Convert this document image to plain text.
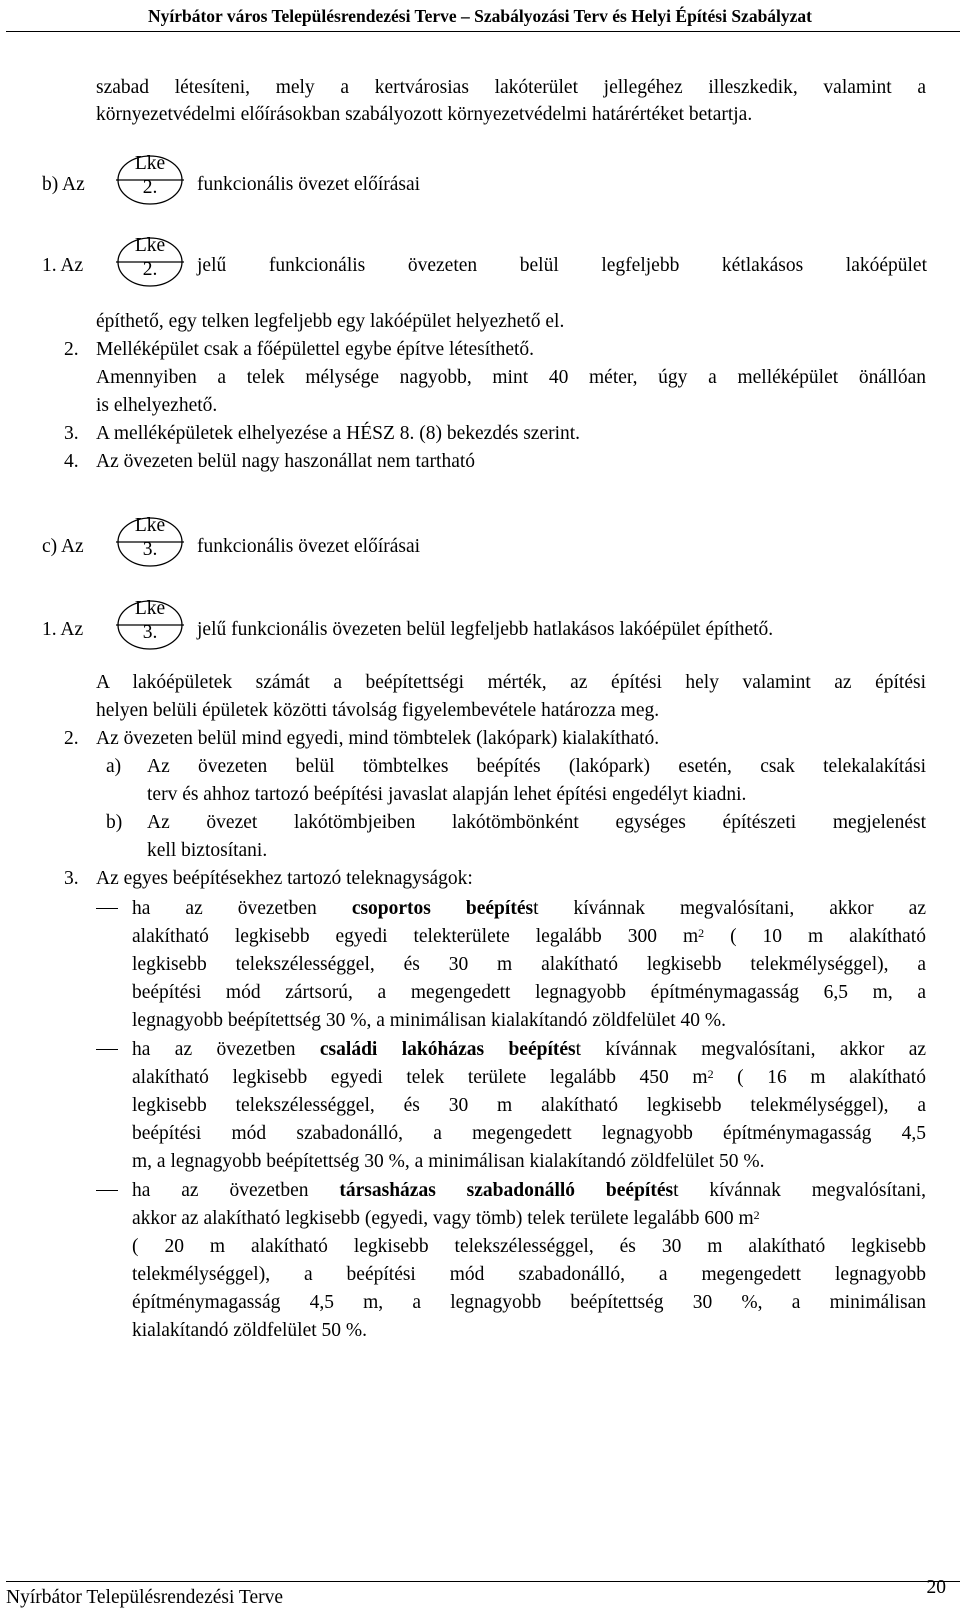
Nyírbátor város Településrendezési Terve – Szabályozási Terv és Helyi Építési Szabályzat
szabad létesíteni, mely a kertvárosias lakóterület jellegéhez illeszkedik, valamint a
környezetvédelmi előírásokban szabályozott környezetvédelmi határértéket betartja.
b) Az
Lke
2.	funkcionális övezet előírásai
1. Az
Lke
2.	jelű funkcionális övezeten belül legfeljebb kétlakásos lakóépület
építhető, egy telken legfeljebb egy lakóépület helyezhető el.
2. Melléképület csak a főépülettel egybe építve létesíthető.
Amennyiben a telek mélysége nagyobb, mint 40 méter, úgy a melléképület önállóan
is elhelyezhető.
3. A melléképületek elhelyezése a HÉSZ 8. (8) bekezdés szerint.
4. Az övezeten belül nagy haszonállat nem tartható
c) Az
Lke
3.	funkcionális övezet előírásai
1. Az
Lke
3.	jelű funkcionális övezeten belül legfeljebb hatlakásos lakóépület építhető.
A lakóépületek számát a beépítettségi mérték, az építési hely valamint az építési
helyen belüli épületek közötti távolság figyelembevétele határozza meg.
2. Az övezeten belül mind egyedi, mind tömbtelek (lakópark) kialakítható.
a) Az övezeten belül tömbtelkes beépítés (lakópark) esetén, csak telekalakítási
terv és ahhoz tartozó beépítési javaslat alapján lehet építési engedélyt kiadni.
b) Az övezet lakótömbjeiben lakótömbönként egységes építészeti megjelenést
kell biztosítani.
3. Az egyes beépítésekhez tartozó teleknagyságok:
ha az övezetben csoportos beépítést kívánnak megvalósítani, akkor az
alakítható legkisebb egyedi telekterülete legalább 300 $m^2$ ( 10 m alakítható
legkisebb telekszélességgel, és 30 m alakítható legkisebb telekmélységgel), a
beépítési mód zártsorú, a megengedett legnagyobb építménymagasság 6,5 m, a
legnagyobb beépítettség 30 %, a minimálisan kialakítandó zöldfelület 40 %.
ha az övezetben családi lakóházas beépítést kívánnak megvalósítani, akkor az
alakítható legkisebb egyedi telek területe legalább 450 $m^2$ ( 16 m alakítható
legkisebb telekszélességgel, és 30 m alakítható legkisebb telekmélységgel), a
beépítési mód szabadonálló, a megengedett legnagyobb építménymagasság 4,5
m, a legnagyobb beépítettség 30 %, a minimálisan kialakítandó zöldfelület 50 %.
ha az övezetben társasházas szabadonálló beépítést kívánnak megvalósítani,
akkor az alakítható legkisebb (egyedi, vagy tömb) telek területe legalább 600 $m^2$
( 20 m alakítható legkisebb telekszélességgel, és 30 m alakítható legkisebb
telekmélységgel), a beépítési mód szabadonálló, a megengedett legnagyobb
építménymagasság 4,5 m, a legnagyobb beépítettség 30 %, a minimálisan
kialakítandó zöldfelület 50 %.
Nyírbátor Településrendezési Terve	20
